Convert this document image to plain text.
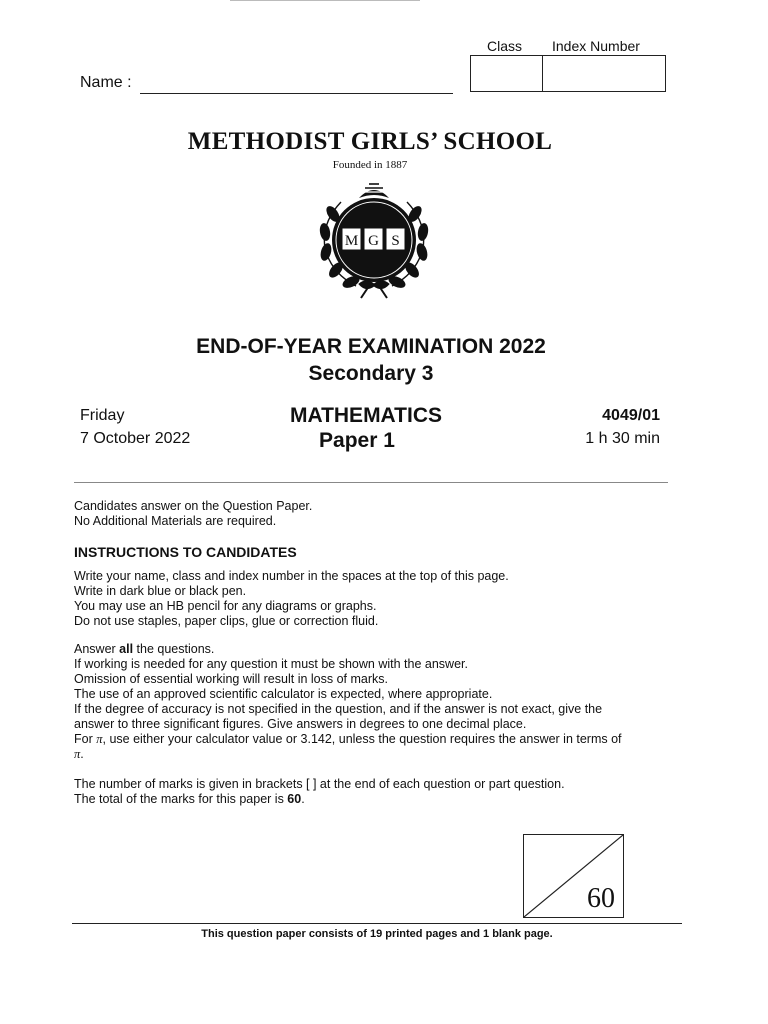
Class Index Number
Name :
METHODIST GIRLS’ SCHOOL
Founded in 1887
M G S
END-OF-YEAR EXAMINATION 2022
Secondary 3
Friday
7 October 2022
MATHEMATICS
Paper 1
4049/01
1 h 30 min
Candidates answer on the Question Paper.
No Additional Materials are required.
INSTRUCTIONS TO CANDIDATES
Write your name, class and index number in the spaces at the top of this page.
Write in dark blue or black pen.
You may use an HB pencil for any diagrams or graphs.
Do not use staples, paper clips, glue or correction fluid.
Answer all the questions.
If working is needed for any question it must be shown with the answer.
Omission of essential working will result in loss of marks.
The use of an approved scientific calculator is expected, where appropriate.
If the degree of accuracy is not specified in the question, and if the answer is not exact, give the
answer to three significant figures. Give answers in degrees to one decimal place.
For π, use either your calculator value or 3.142, unless the question requires the answer in terms of
π.
The number of marks is given in brackets [ ] at the end of each question or part question.
The total of the marks for this paper is 60.
60
This question paper consists of 19 printed pages and 1 blank page.
